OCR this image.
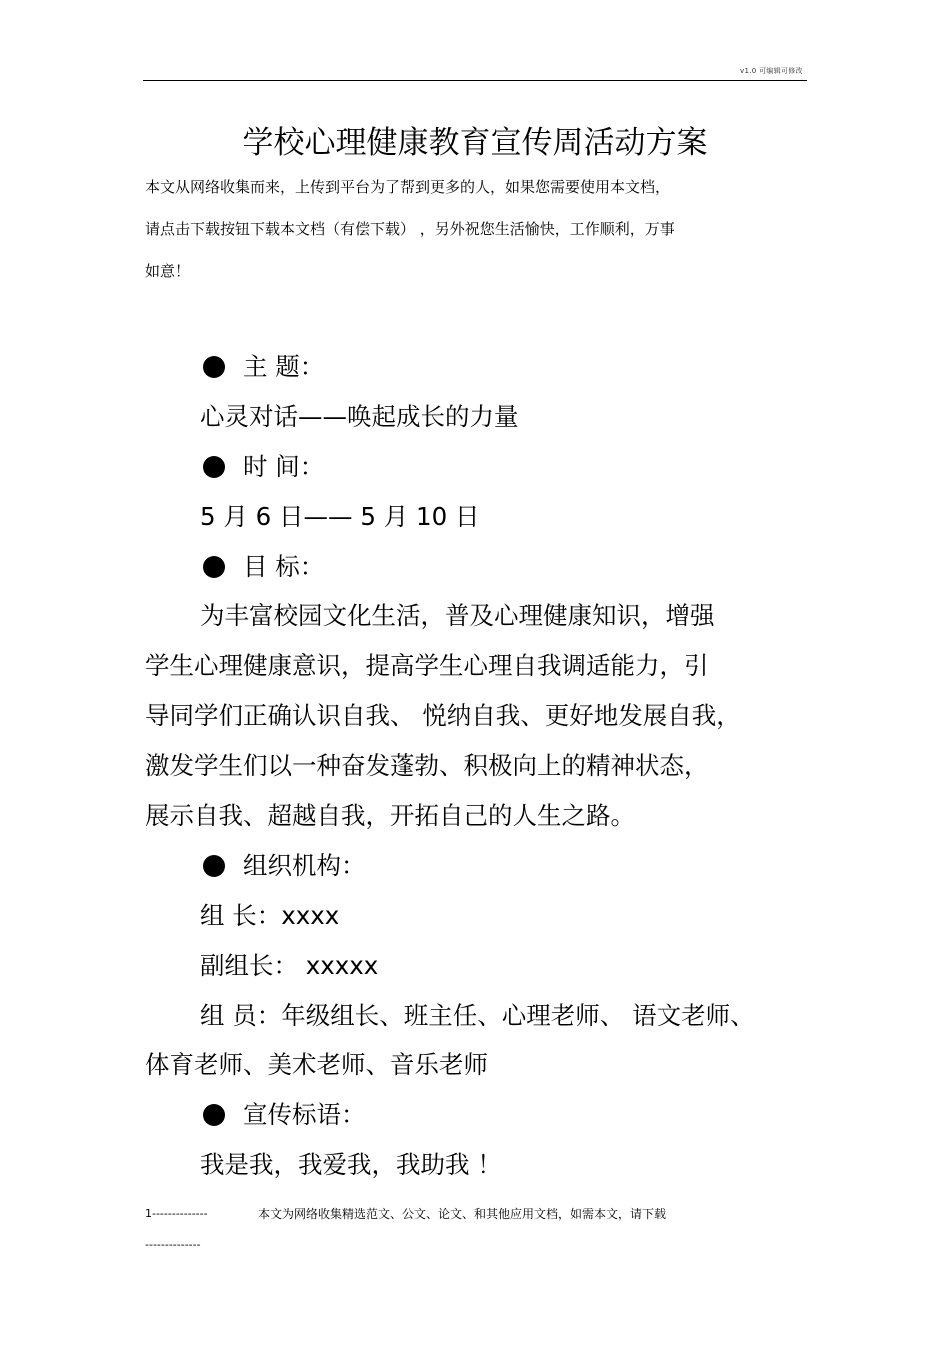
v1.0 可编辑可修改
学校心理健康教育宣传周活动方案
本文从网络收集而来，上传到平台为了帮到更多的人，如果您需要使用本文档，
请点击下载按钮下载本文档（有偿下载） ，另外祝您生活愉快，工作顺利，万事
如意！
主 题：
心灵对话——唤起成长的力量
时 间：
5 月 6 日—— 5 月 10 日
目 标：
为丰富校园文化生活，普及心理健康知识，增强
学生心理健康意识，提高学生心理自我调适能力，引
导同学们正确认识自我、 悦纳自我、更好地发展自我，
激发学生们以一种奋发蓬勃、积极向上的精神状态，
展示自我、超越自我，开拓自己的人生之路。
组织机构：
组 长：xxxx
副组长： xxxxx
组 员：年级组长、班主任、心理老师、 语文老师、
体育老师、美术老师、音乐老师
宣传标语：
我是我，我爱我，我助我 ！
1--------------	本文为网络收集精选范文、公文、论文、和其他应用文档，如需本文，请下载
--------------
